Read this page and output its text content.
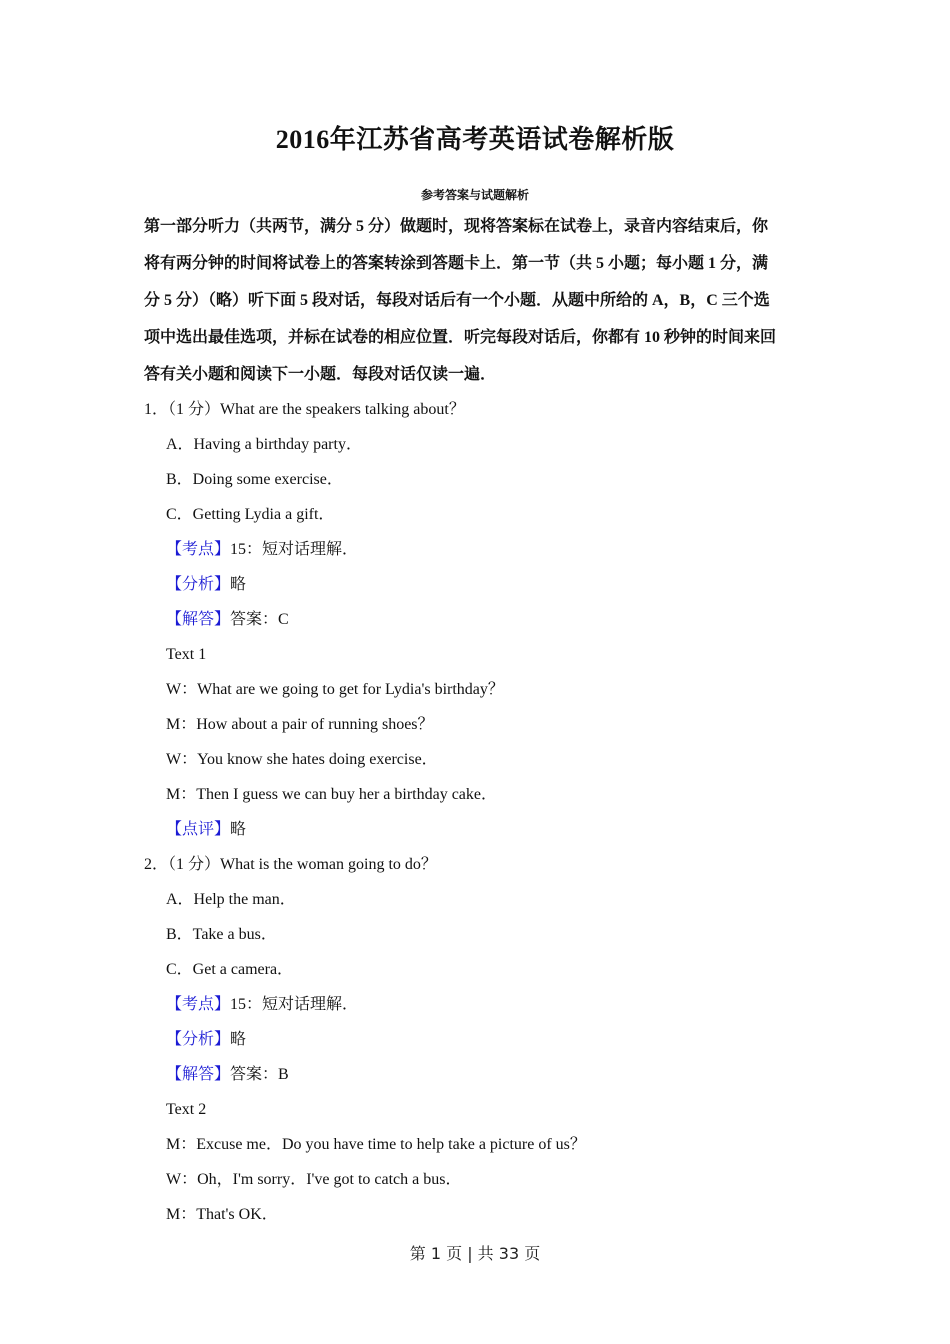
2016年江苏省高考英语试卷解析版
参考答案与试题解析
第一部分听力（共两节，满分 5 分）做题时，现将答案标在试卷上，录音内容结束后，你
将有两分钟的时间将试卷上的答案转涂到答题卡上．第一节（共 5 小题；每小题 1 分，满
分 5 分）（略）听下面 5 段对话，每段对话后有一个小题．从题中所给的 A，B，C 三个选
项中选出最佳选项，并标在试卷的相应位置．听完每段对话后，你都有 10 秒钟的时间来回
答有关小题和阅读下一小题．每段对话仅读一遍．
1．（1 分）What are the speakers talking about？
A．Having a birthday party．
B．Doing some exercise．
C．Getting Lydia a gift．
【考点】15：短对话理解．
【分析】略
【解答】答案：C
Text 1
W：What are we going to get for Lydia's birthday？
M：How about a pair of running shoes？
W：You know she hates doing exercise．
M：Then I guess we can buy her a birthday cake．
【点评】略
2．（1 分）What is the woman going to do？
A．Help the man．
B．Take a bus．
C．Get a camera．
【考点】15：短对话理解．
【分析】略
【解答】答案：B
Text 2
M：Excuse me．Do you have time to help take a picture of us？
W：Oh，I'm sorry．I've got to catch a bus．
M：That's OK．
第 1 页 | 共 33 页
